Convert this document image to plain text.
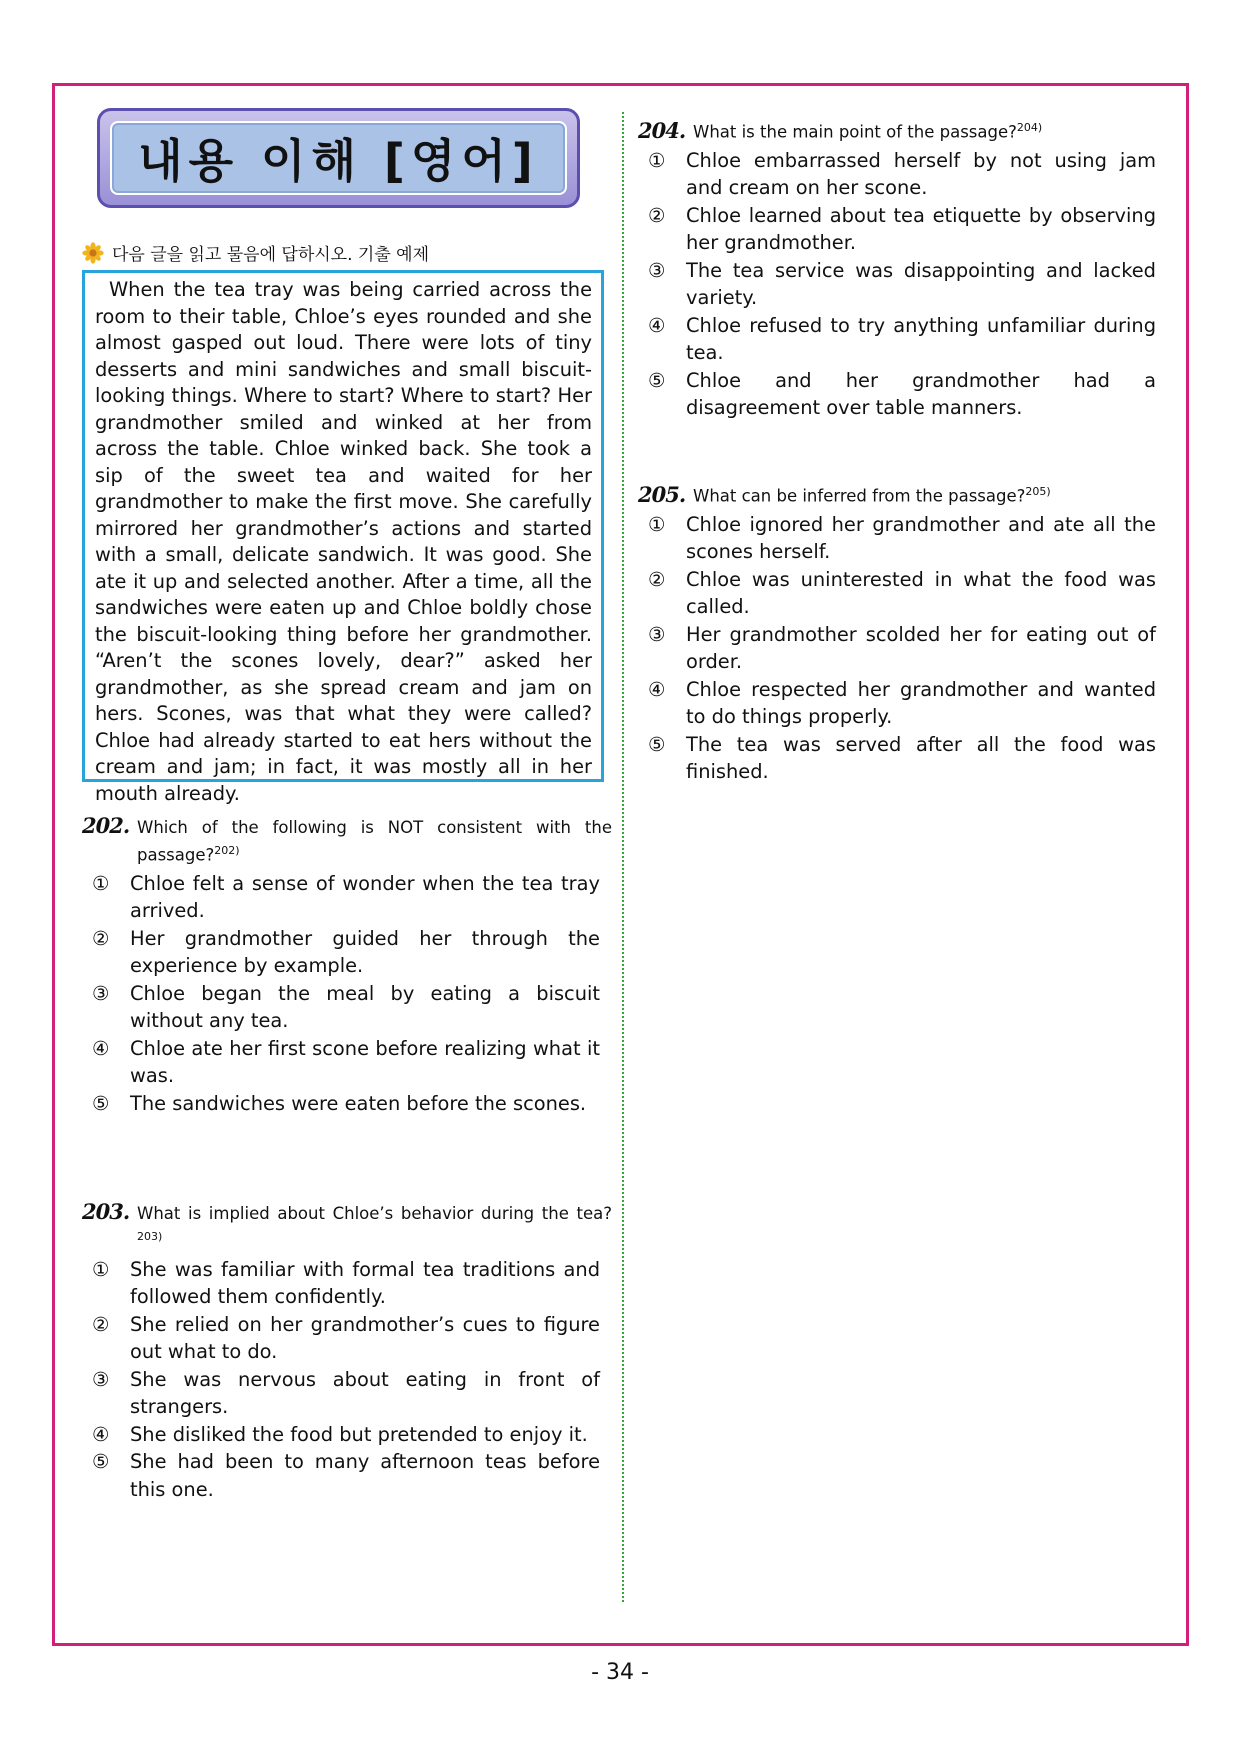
내용 이해 [영어]
다음 글을 읽고 물음에 답하시오. 기출 예제
When the tea tray was being carried across the room to their table, Chloe’s eyes rounded and she almost gasped out loud. There were lots of tiny desserts and mini sandwiches and small biscuit-looking things. Where to start? Where to start? Her grandmother smiled and winked at her from across the table. Chloe winked back. She took a sip of the sweet tea and waited for her grandmother to make the first move. She carefully mirrored her grandmother’s actions and started with a small, delicate sandwich. It was good. She ate it up and selected another. After a time, all the sandwiches were eaten up and Chloe boldly chose the biscuit-looking thing before her grandmother. “Aren’t the scones lovely, dear?” asked her grandmother, as she spread cream and jam on hers. Scones, was that what they were called? Chloe had already started to eat hers without the cream and jam; in fact, it was mostly all in her mouth already.
202. Which of the following is NOT consistent with the passage?$^{202)}$
① Chloe felt a sense of wonder when the tea tray arrived.
② Her grandmother guided her through the experience by example.
③ Chloe began the meal by eating a biscuit without any tea.
④ Chloe ate her first scone before realizing what it was.
⑤ The sandwiches were eaten before the scones.
203. What is implied about Chloe’s behavior during the tea?$^{203)}$
① She was familiar with formal tea traditions and followed them confidently.
② She relied on her grandmother’s cues to figure out what to do.
③ She was nervous about eating in front of strangers.
④ She disliked the food but pretended to enjoy it.
⑤ She had been to many afternoon teas before this one.
204. What is the main point of the passage?$^{204)}$
① Chloe embarrassed herself by not using jam and cream on her scone.
② Chloe learned about tea etiquette by observing her grandmother.
③ The tea service was disappointing and lacked variety.
④ Chloe refused to try anything unfamiliar during tea.
⑤ Chloe and her grandmother had a disagreement over table manners.
205. What can be inferred from the passage?$^{205)}$
① Chloe ignored her grandmother and ate all the scones herself.
② Chloe was uninterested in what the food was called.
③ Her grandmother scolded her for eating out of order.
④ Chloe respected her grandmother and wanted to do things properly.
⑤ The tea was served after all the food was finished.
- 34 -
